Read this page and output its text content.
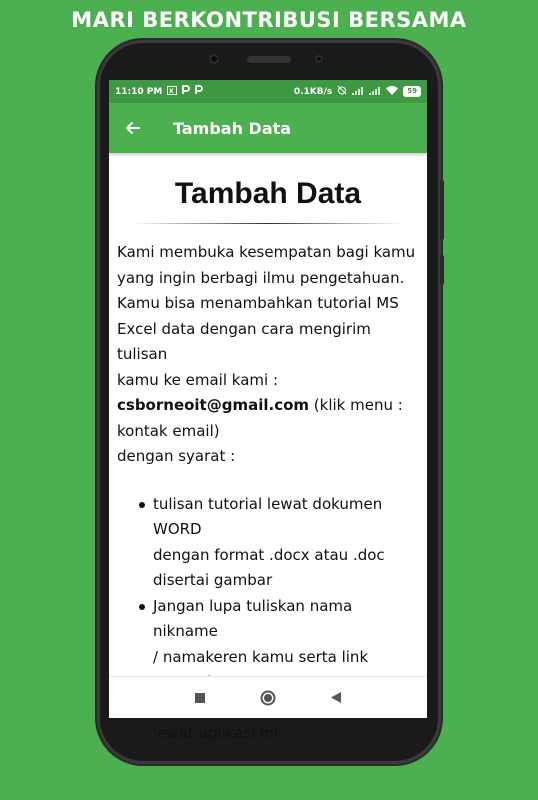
MARI BERKONTRIBUSI BERSAMA
11:10 PM X	0.1KB/s	59
Tambah Data
Tambah Data
Kami membuka kesempatan bagi kamu
yang ingin berbagi ilmu pengetahuan.
Kamu bisa menambahkan tutorial MS
Excel data dengan cara mengirim tulisan
kamu ke email kami :
csborneoit@gmail.com (klik menu :
kontak email)
dengan syarat :
tulisan tutorial lewat dokumen WORD
dengan format .docx atau .doc
disertai gambar
Jangan lupa tuliskan nama nikname
/ namakeren kamu serta link
lewat aplikasi ini
